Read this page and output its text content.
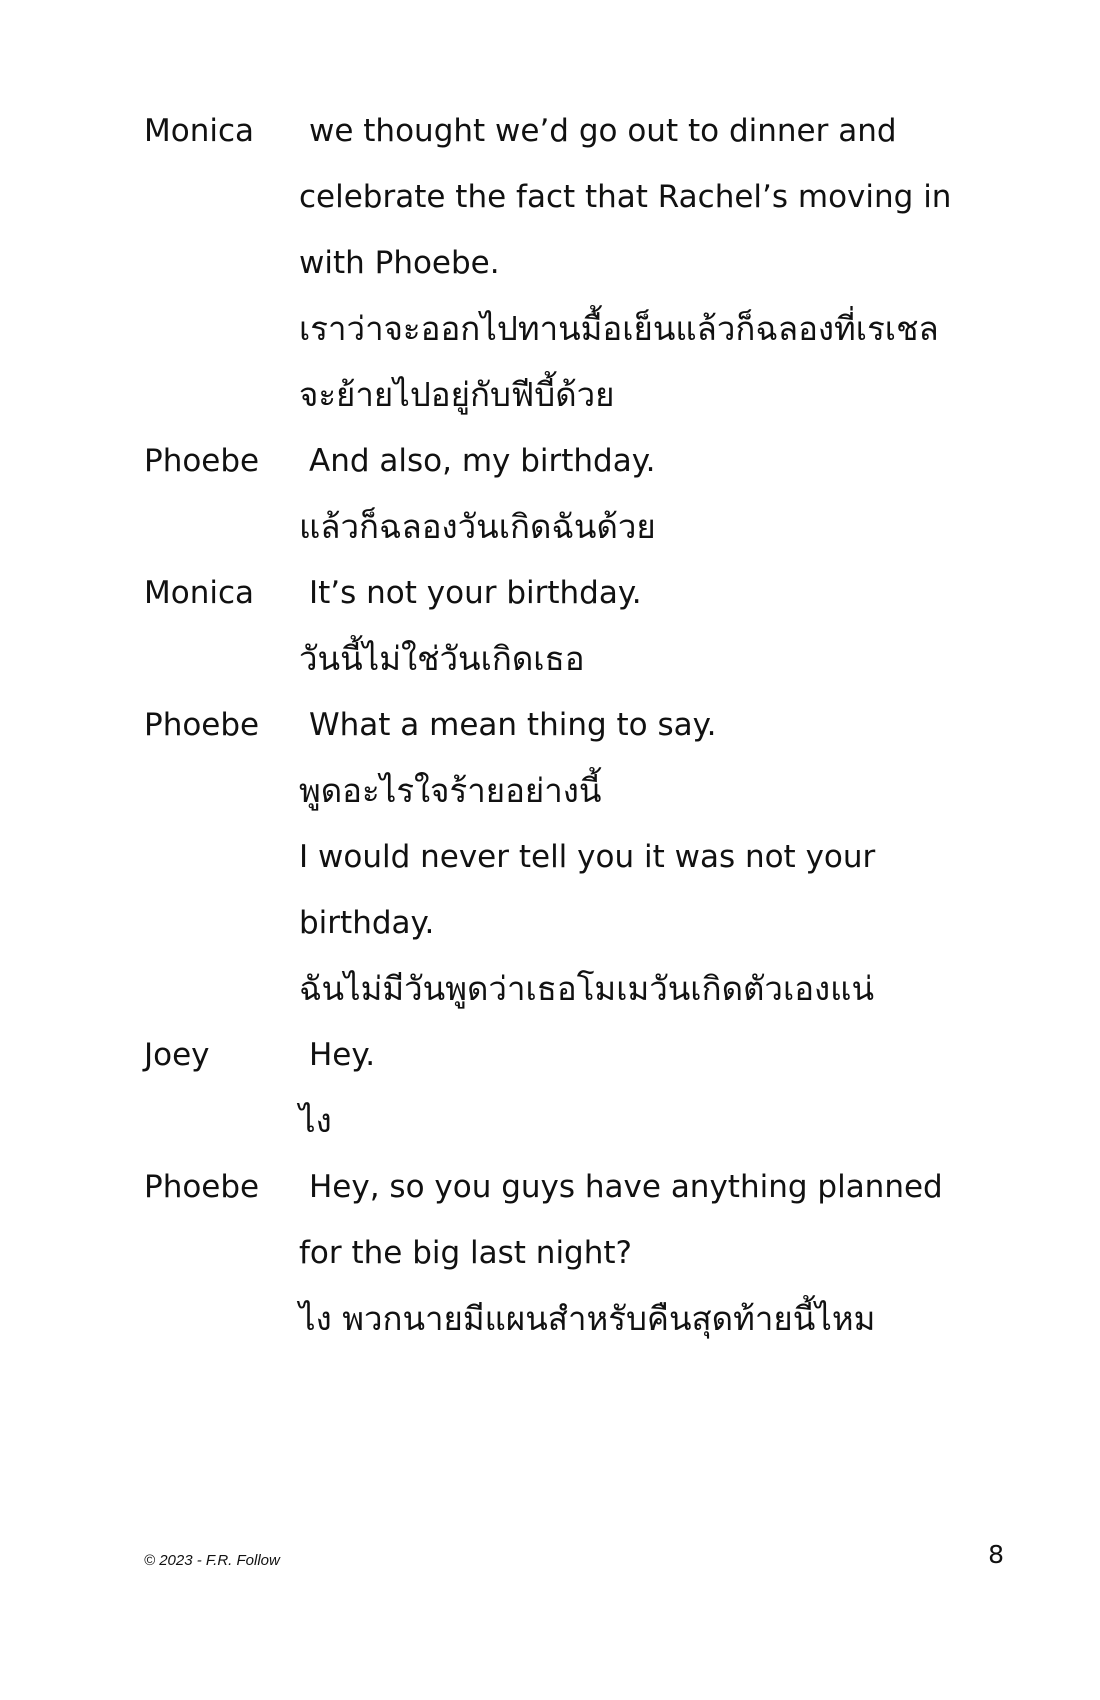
Monica	we thought we’d go out to dinner and
celebrate the fact that Rachel’s moving in
with Phoebe.
เราว่าจะออกไปทานมื้อเย็นแล้วก็ฉลองที่เรเชล
จะย้ายไปอยู่กับฟีบี้ด้วย
Phoebe	And also, my birthday.
แล้วก็ฉลองวันเกิดฉันด้วย
Monica	It’s not your birthday.
วันนี้ไม่ใช่วันเกิดเธอ
Phoebe	What a mean thing to say.
พูดอะไรใจร้ายอย่างนี้
I would never tell you it was not your
birthday.
ฉันไม่มีวันพูดว่าเธอโมเมวันเกิดตัวเองแน่
Joey	Hey.
ไง
Phoebe	Hey, so you guys have anything planned
for the big last night?
ไง พวกนายมีแผนสำหรับคืนสุดท้ายนี้ไหม
© 2023 - F.R. Follow	8
